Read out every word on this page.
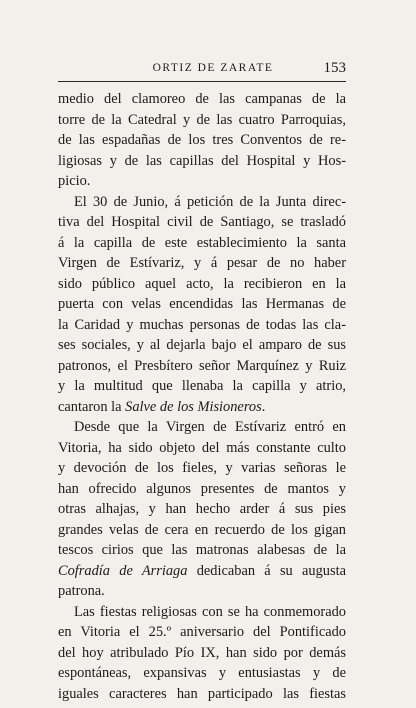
ORTIZ DE ZARATE	153
medio del clamoreo de las campanas de la
torre de la Catedral y de las cuatro Parroquias,
de las espadañas de los tres Conventos de re-
ligiosas y de las capillas del Hospital y Hos-
picio.
El 30 de Junio, á petición de la Junta direc-
tiva del Hospital civil de Santiago, se trasladó
á la capilla de este establecimiento la santa
Virgen de Estívariz, y á pesar de no haber
sido público aquel acto, la recibieron en la
puerta con velas encendidas las Hermanas de
la Caridad y muchas personas de todas las cla-
ses sociales, y al dejarla bajo el amparo de sus
patronos, el Presbítero señor Marquínez y Ruiz
y la multitud que llenaba la capilla y atrio,
cantaron la Salve de los Misioneros.
Desde que la Virgen de Estívariz entró en
Vitoria, ha sido objeto del más constante culto
y devoción de los fieles, y varias señoras le
han ofrecido algunos presentes de mantos y
otras alhajas, y han hecho arder á sus pies
grandes velas de cera en recuerdo de los gigan
tescos cirios que las matronas alabesas de la
Cofradía de Arriaga dedicaban á su augusta
patrona.
Las fiestas religiosas con se ha conmemorado
en Vitoria el 25.º aniversario del Pontificado
del hoy atribulado Pío IX, han sido por demás
espontáneas, expansivas y entusiastas y de
iguales caracteres han participado las fiestas
